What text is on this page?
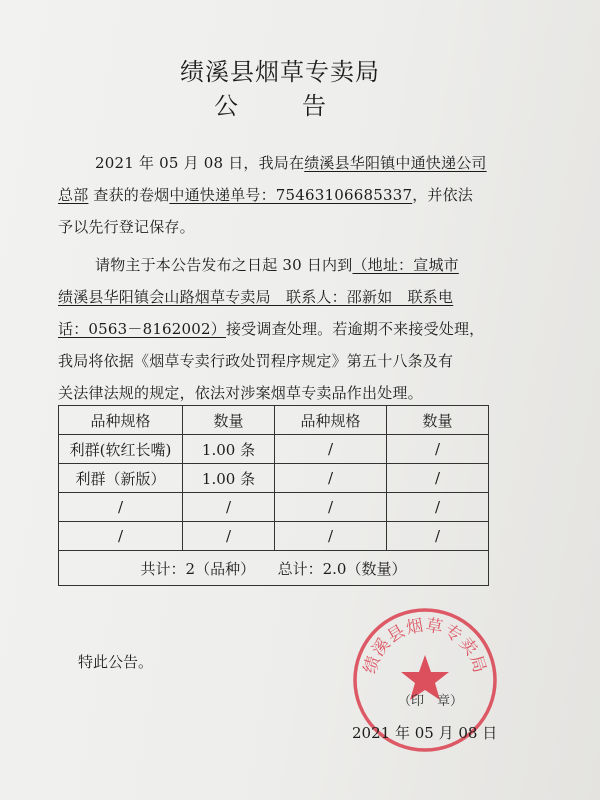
绩溪县烟草专卖局
公　告
2021 年 05 月 08 日，我局在绩溪县华阳镇中通快递公司
总部 查获的卷烟中通快递单号：75463106685337，并依法
予以先行登记保存。
请物主于本公告发布之日起 30 日内到（地址：宣城市
绩溪县华阳镇会山路烟草专卖局　联系人：邵新如　联系电
话：0563－8162002）接受调查处理。若逾期不来接受处理，
我局将依据《烟草专卖行政处罚程序规定》第五十八条及有
关法律法规的规定，依法对涉案烟草专卖品作出处理。
品种规格	数量	品种规格	数量
利群(软红长嘴)	1.00 条	/	/
利群（新版）	1.00 条	/	/
/	/	/	/
/	/	/	/
共计：2（品种）　　总计：2.0（数量）			
特此公告。	绩溪县烟草专卖局
（印　章）
2021 年 05 月 08 日
